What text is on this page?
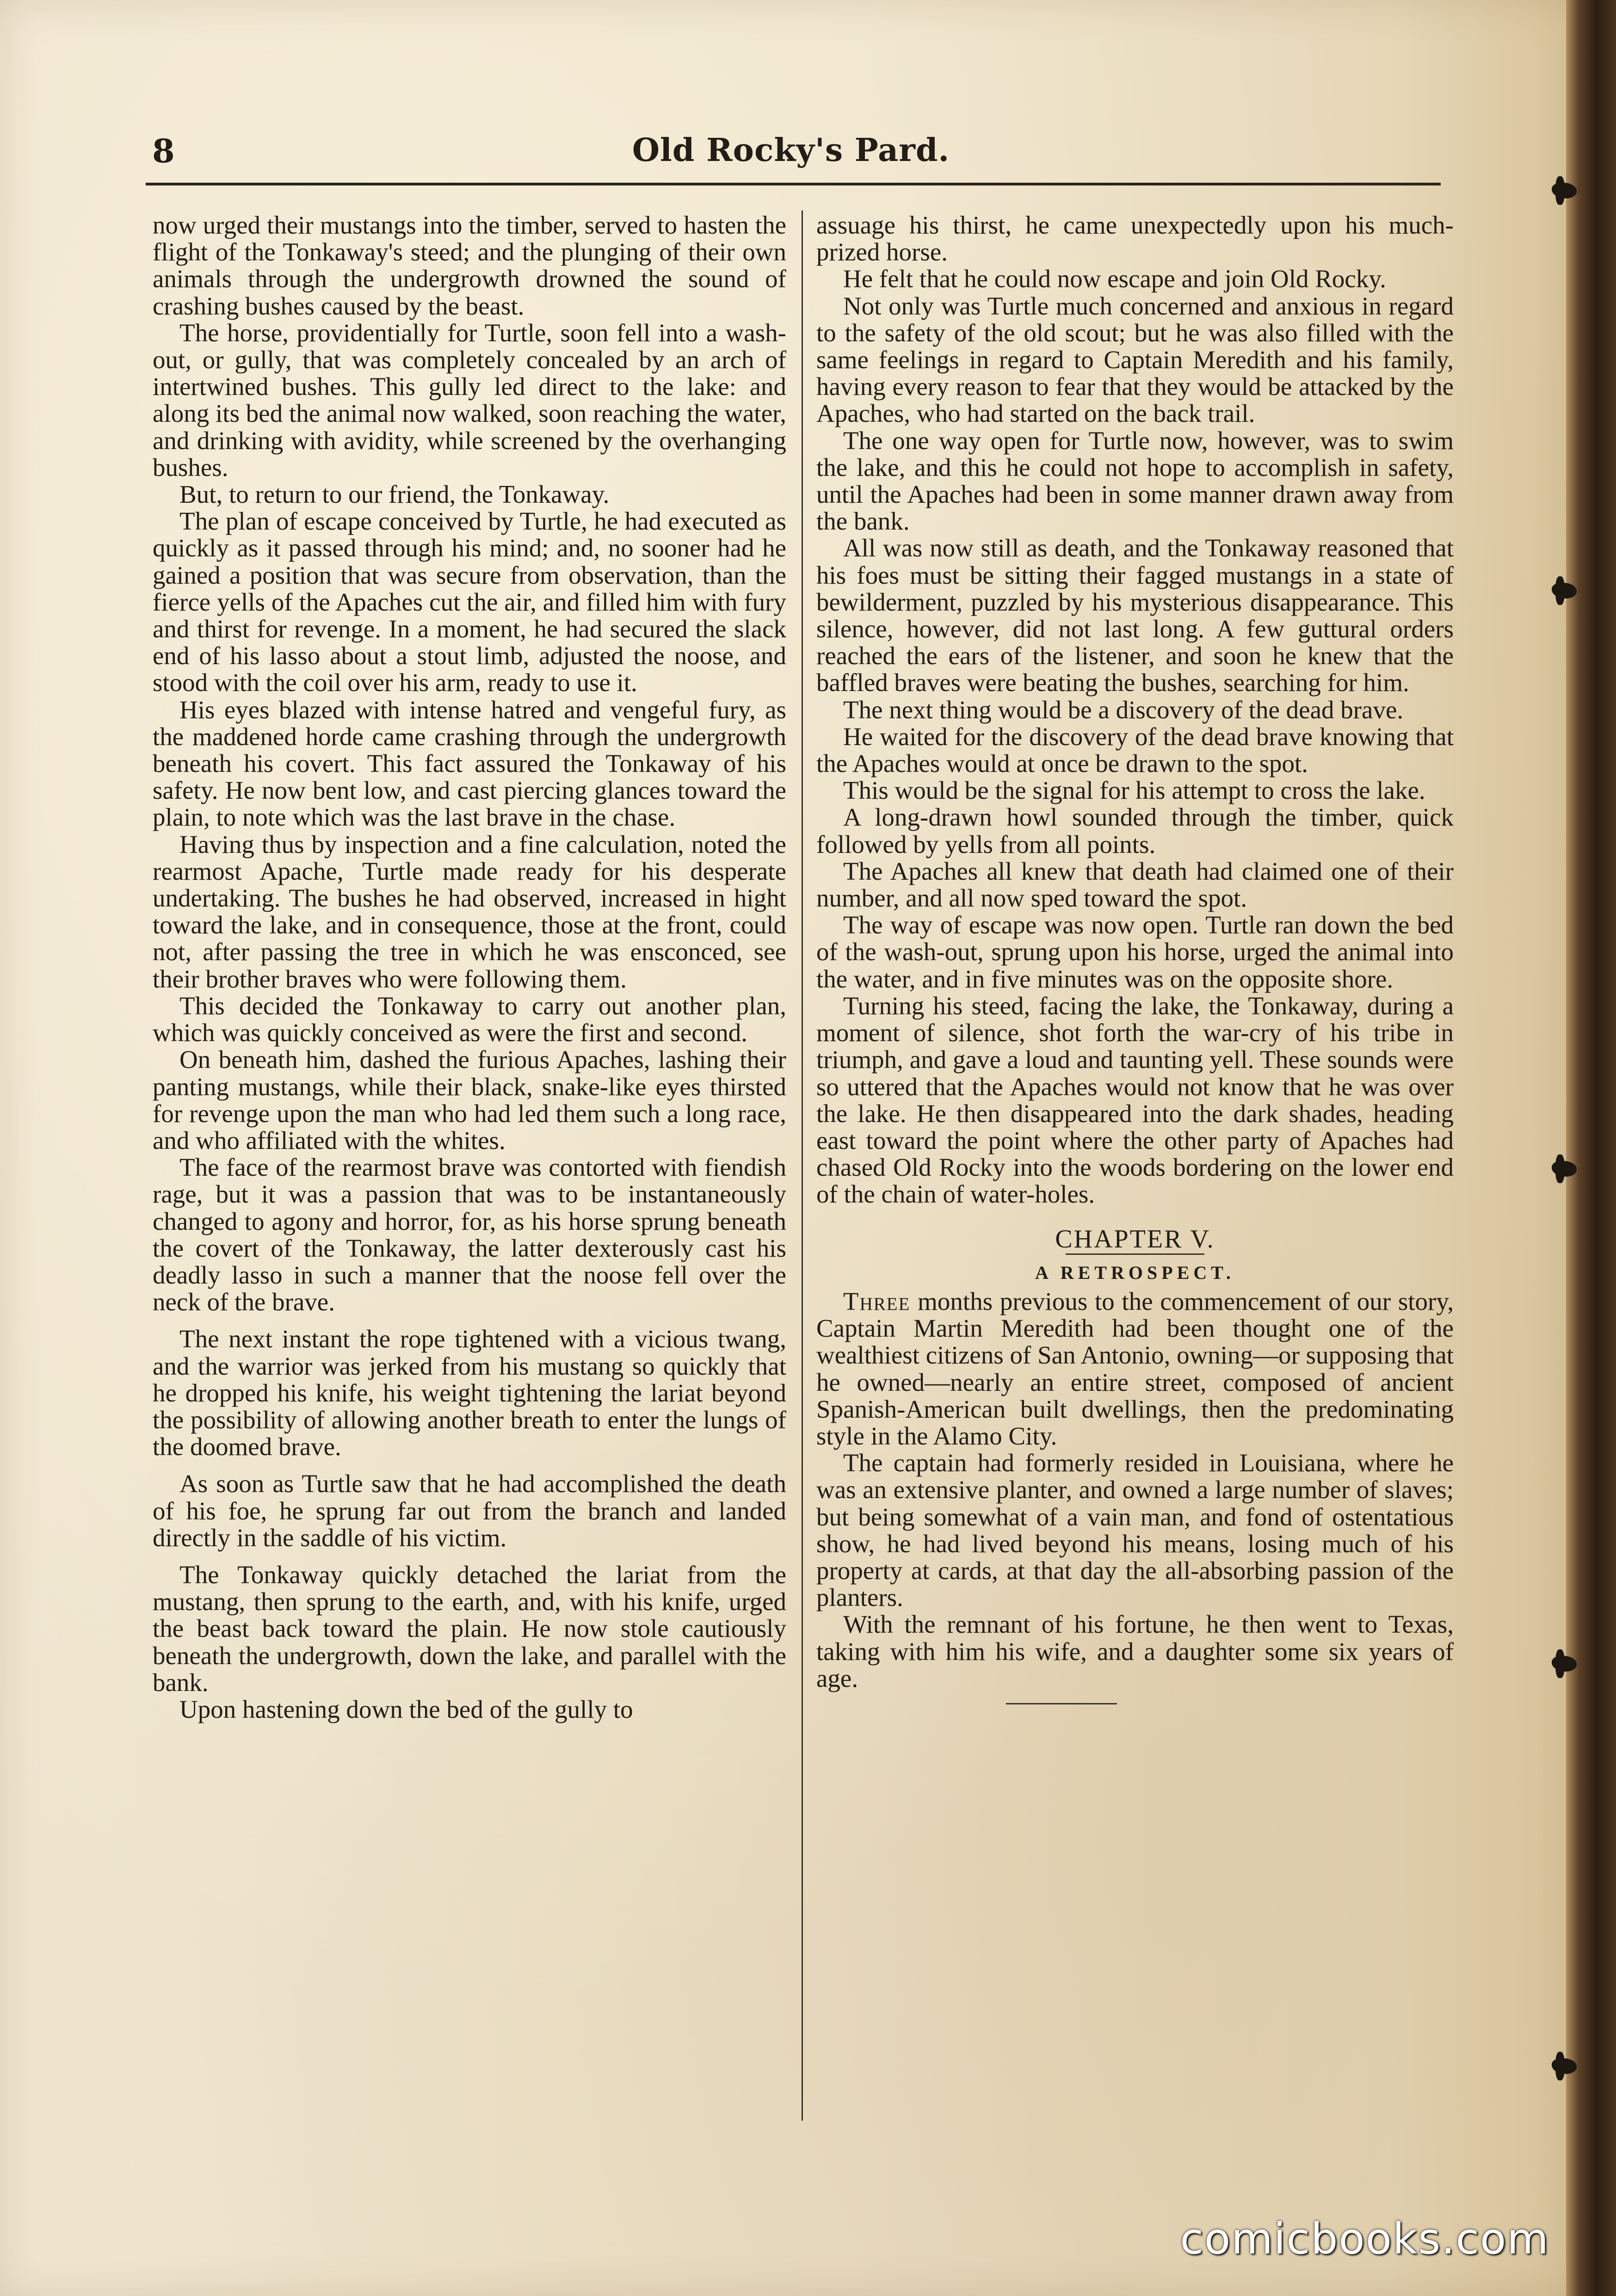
8	Old Rocky's Pard.

now urged their mustangs into the timber, served to hasten the flight of the Tonkaway's steed; and the plunging of their own animals through the undergrowth drowned the sound of crashing bushes caused by the beast.

The horse, providentially for Turtle, soon fell into a wash-out, or gully, that was completely concealed by an arch of intertwined bushes. This gully led direct to the lake: and along its bed the animal now walked, soon reaching the water, and drinking with avidity, while screened by the overhanging bushes.

But, to return to our friend, the Tonkaway.

The plan of escape conceived by Turtle, he had executed as quickly as it passed through his mind; and, no sooner had he gained a position that was secure from observation, than the fierce yells of the Apaches cut the air, and filled him with fury and thirst for revenge. In a moment, he had secured the slack end of his lasso about a stout limb, adjusted the noose, and stood with the coil over his arm, ready to use it.

His eyes blazed with intense hatred and vengeful fury, as the maddened horde came crashing through the undergrowth beneath his covert. This fact assured the Tonkaway of his safety. He now bent low, and cast piercing glances toward the plain, to note which was the last brave in the chase.

Having thus by inspection and a fine calculation, noted the rearmost Apache, Turtle made ready for his desperate undertaking. The bushes he had observed, increased in hight toward the lake, and in consequence, those at the front, could not, after passing the tree in which he was ensconced, see their brother braves who were following them.

This decided the Tonkaway to carry out another plan, which was quickly conceived as were the first and second.

On beneath him, dashed the furious Apaches, lashing their panting mustangs, while their black, snake-like eyes thirsted for revenge upon the man who had led them such a long race, and who affiliated with the whites.

The face of the rearmost brave was contorted with fiendish rage, but it was a passion that was to be instantaneously changed to agony and horror, for, as his horse sprung beneath the covert of the Tonkaway, the latter dexterously cast his deadly lasso in such a manner that the noose fell over the neck of the brave.

The next instant the rope tightened with a vicious twang, and the warrior was jerked from his mustang so quickly that he dropped his knife, his weight tightening the lariat beyond the possibility of allowing another breath to enter the lungs of the doomed brave.

As soon as Turtle saw that he had accomplished the death of his foe, he sprung far out from the branch and landed directly in the saddle of his victim.

The Tonkaway quickly detached the lariat from the mustang, then sprung to the earth, and, with his knife, urged the beast back toward the plain. He now stole cautiously beneath the undergrowth, down the lake, and parallel with the bank.

Upon hastening down the bed of the gully to

assuage his thirst, he came unexpectedly upon his much-prized horse.

He felt that he could now escape and join Old Rocky.

Not only was Turtle much concerned and anxious in regard to the safety of the old scout; but he was also filled with the same feelings in regard to Captain Meredith and his family, having every reason to fear that they would be attacked by the Apaches, who had started on the back trail.

The one way open for Turtle now, however, was to swim the lake, and this he could not hope to accomplish in safety, until the Apaches had been in some manner drawn away from the bank.

All was now still as death, and the Tonkaway reasoned that his foes must be sitting their fagged mustangs in a state of bewilderment, puzzled by his mysterious disappearance. This silence, however, did not last long. A few guttural orders reached the ears of the listener, and soon he knew that the baffled braves were beating the bushes, searching for him.

The next thing would be a discovery of the dead brave.

He waited for the discovery of the dead brave knowing that the Apaches would at once be drawn to the spot.

This would be the signal for his attempt to cross the lake.

A long-drawn howl sounded through the timber, quick followed by yells from all points.

The Apaches all knew that death had claimed one of their number, and all now sped toward the spot.

The way of escape was now open. Turtle ran down the bed of the wash-out, sprung upon his horse, urged the animal into the water, and in five minutes was on the opposite shore.

Turning his steed, facing the lake, the Tonkaway, during a moment of silence, shot forth the war-cry of his tribe in triumph, and gave a loud and taunting yell. These sounds were so uttered that the Apaches would not know that he was over the lake. He then disappeared into the dark shades, heading east toward the point where the other party of Apaches had chased Old Rocky into the woods bordering on the lower end of the chain of water-holes.

CHAPTER V.

A RETROSPECT.

Three months previous to the commencement of our story, Captain Martin Meredith had been thought one of the wealthiest citizens of San Antonio, owning—or supposing that he owned—nearly an entire street, composed of ancient Spanish-American built dwellings, then the predominating style in the Alamo City.

The captain had formerly resided in Louisiana, where he was an extensive planter, and owned a large number of slaves; but being somewhat of a vain man, and fond of ostentatious show, he had lived beyond his means, losing much of his property at cards, at that day the all-absorbing passion of the planters.

With the remnant of his fortune, he then went to Texas, taking with him his wife, and a daughter some six years of age.

comicbooks.com
